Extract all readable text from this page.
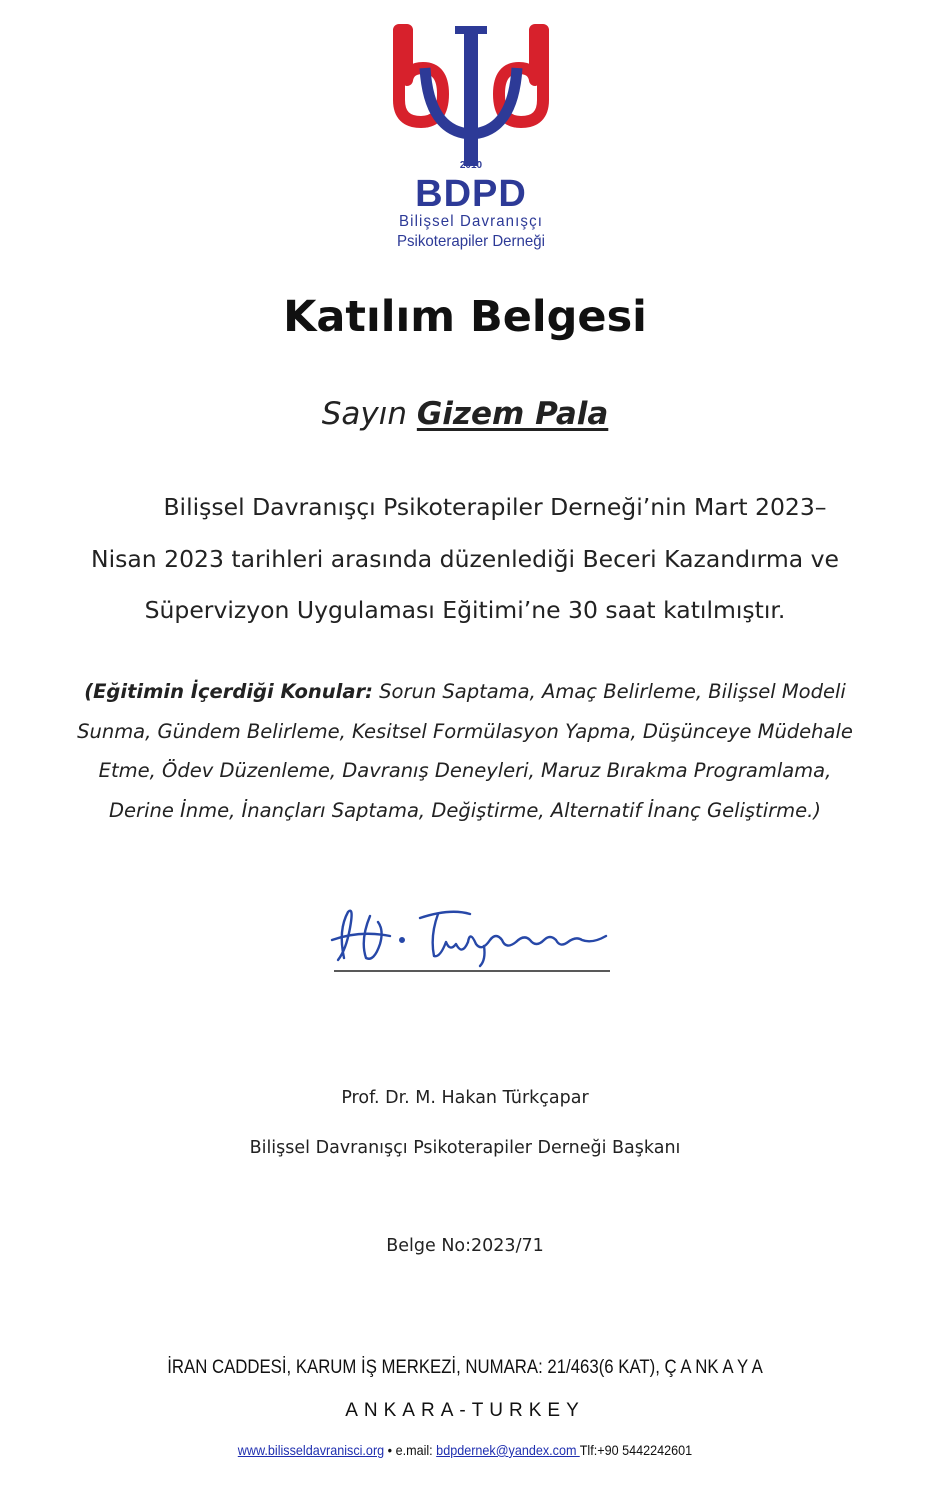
2010
BDPD
Bilişsel Davranışçı
Psikoterapiler Derneği
Katılım Belgesi
Sayın Gizem Pala
Bilişsel Davranışçı Psikoterapiler Derneği’nin Mart 2023–
Nisan 2023 tarihleri arasında düzenlediği Beceri Kazandırma ve
Süpervizyon Uygulaması Eğitimi’ne 30 saat katılmıştır.
(Eğitimin İçerdiği Konular: Sorun Saptama, Amaç Belirleme, Bilişsel Modeli
Sunma, Gündem Belirleme, Kesitsel Formülasyon Yapma, Düşünceye Müdehale
Etme, Ödev Düzenleme, Davranış Deneyleri, Maruz Bırakma Programlama,
Derine İnme, İnançları Saptama, Değiştirme, Alternatif İnanç Geliştirme.)
Prof. Dr. M. Hakan Türkçapar
Bilişsel Davranışçı Psikoterapiler Derneği Başkanı
Belge No:2023/71
İRAN CADDESİ, KARUM İŞ MERKEZİ, NUMARA: 21/463(6 KAT), Ç A NK A Y A
ANKARA-TURKEY
www.bilisseldavranisci.org • e.mail: bdpdernek@yandex.com Tlf:+90 5442242601
